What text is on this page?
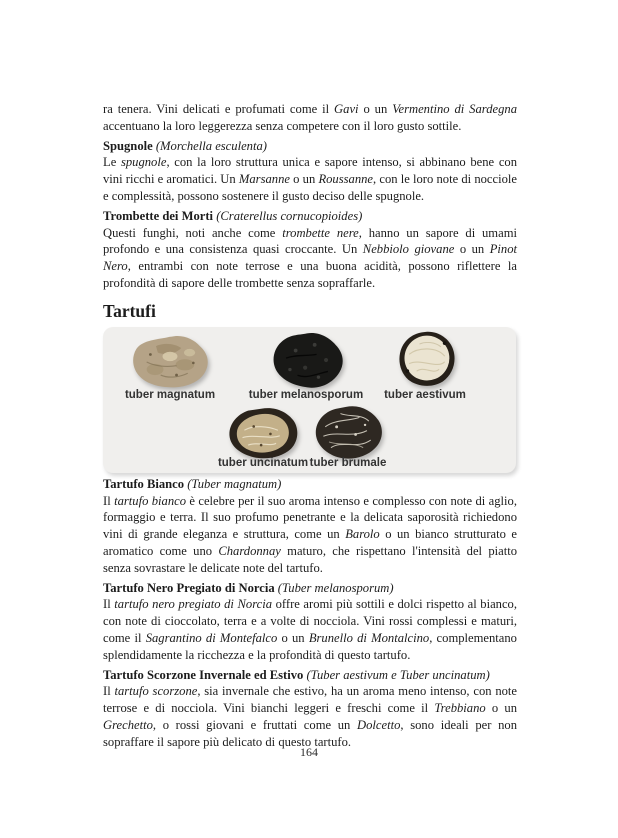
ra tenera. Vini delicati e profumati come il Gavi o un Vermentino di Sardegna accentuano la loro leggerezza senza competere con il loro gusto sottile.

Spugnole (Morchella esculenta)

Le spugnole, con la loro struttura unica e sapore intenso, si abbinano bene con vini ricchi e aromatici. Un Marsanne o un Roussanne, con le loro note di nocciole e complessità, possono sostenere il gusto deciso delle spugnole.

Trombette dei Morti (Craterellus cornucopioides)

Questi funghi, noti anche come trombette nere, hanno un sapore di umami profondo e una consistenza quasi croccante. Un Nebbiolo giovane o un Pinot Nero, entrambi con note terrose e una buona acidità, possono riflettere la profondità di sapore delle trombette senza sopraffarle.

Tartufi
tuber magnatum	tuber melanosporum tuber aestivum
tuber uncinatum tuber brumale
Tartufo Bianco (Tuber magnatum)

Il tartufo bianco è celebre per il suo aroma intenso e complesso con note di aglio, formaggio e terra. Il suo profumo penetrante e la delicata saporosità richiedono vini di grande eleganza e struttura, come un Barolo o un bianco strutturato e aromatico come uno Chardonnay maturo, che rispettano l'intensità del piatto senza sovrastare le delicate note del tartufo.

Tartufo Nero Pregiato di Norcia (Tuber melanosporum)

Il tartufo nero pregiato di Norcia offre aromi più sottili e dolci rispetto al bianco, con note di cioccolato, terra e a volte di nocciola. Vini rossi complessi e maturi, come il Sagrantino di Montefalco o un Brunello di Montalcino, complementano splendidamente la ricchezza e la profondità di questo tartufo.

Tartufo Scorzone Invernale ed Estivo (Tuber aestivum e Tuber uncinatum)

Il tartufo scorzone, sia invernale che estivo, ha un aroma meno intenso, con note terrose e di nocciola. Vini bianchi leggeri e freschi come il Trebbiano o un Grechetto, o rossi giovani e fruttati come un Dolcetto, sono ideali per non sopraffare il sapore più delicato di questo tartufo.

164
